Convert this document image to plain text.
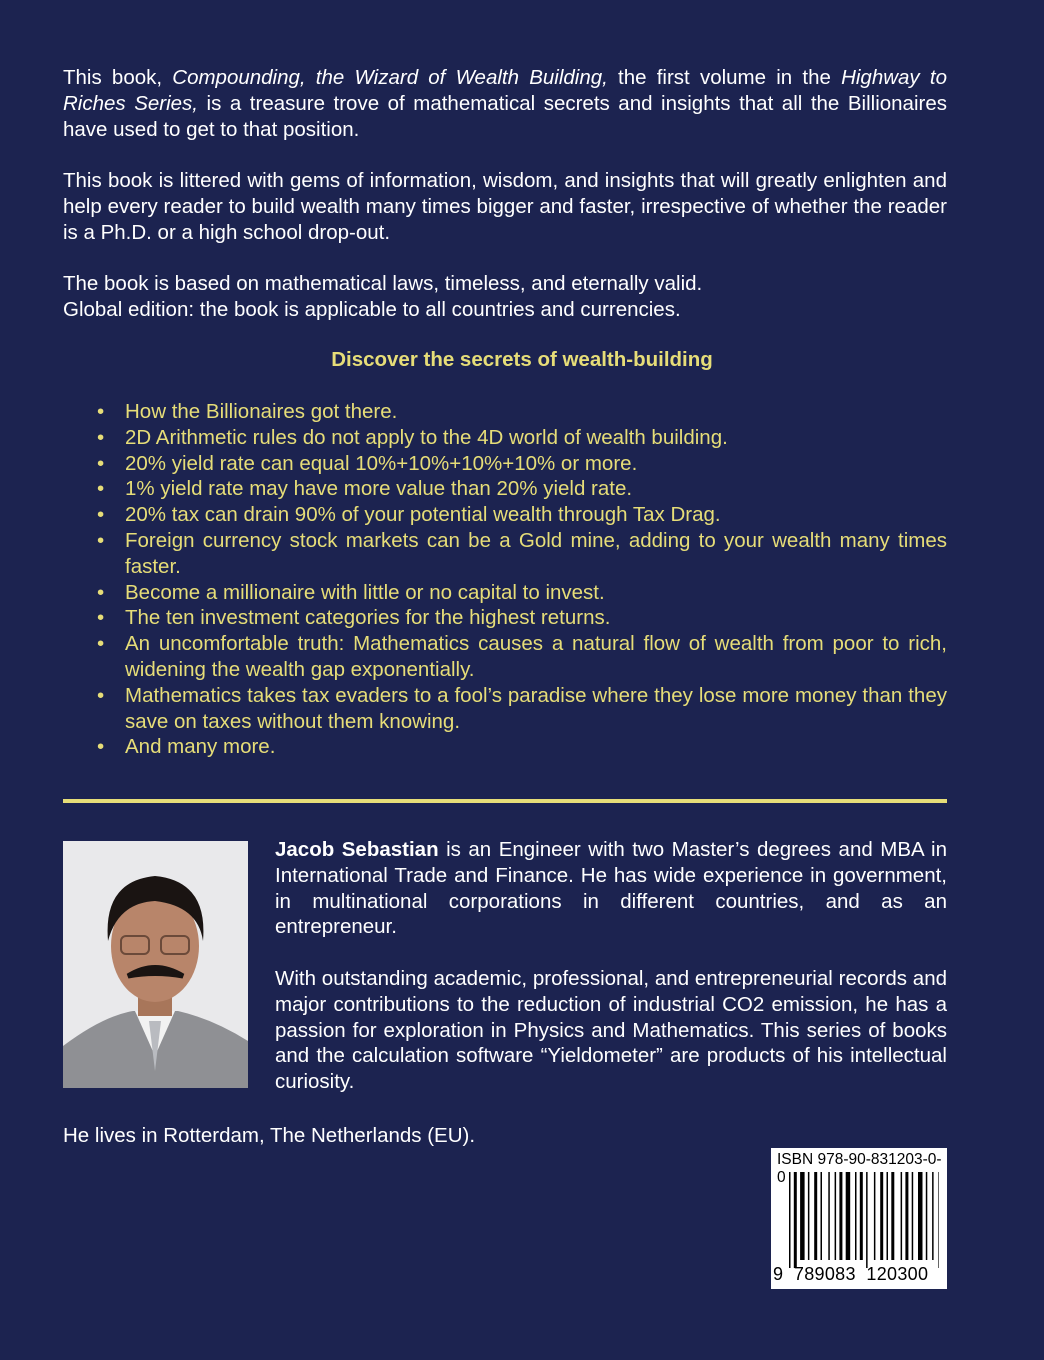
This book, Compounding, the Wizard of Wealth Building, the first volume in the Highway to Riches Series, is a treasure trove of mathematical secrets and insights that all the Billionaires have used to get to that position.

This book is littered with gems of information, wisdom, and insights that will greatly enlighten and help every reader to build wealth many times bigger and faster, irrespective of whether the reader is a Ph.D. or a high school drop-out.

The book is based on mathematical laws, timeless, and eternally valid.
Global edition: the book is applicable to all countries and currencies.

Discover the secrets of wealth-building
• How the Billionaires got there.
• 2D Arithmetic rules do not apply to the 4D world of wealth building.
• 20% yield rate can equal 10%+10%+10%+10% or more.
• 1% yield rate may have more value than 20% yield rate.
• 20% tax can drain 90% of your potential wealth through Tax Drag.
• Foreign currency stock markets can be a Gold mine, adding to your wealth many times faster.
• Become a millionaire with little or no capital to invest.
• The ten investment categories for the highest returns.
• An uncomfortable truth: Mathematics causes a natural flow of wealth from poor to rich, widening the wealth gap exponentially.
• Mathematics takes tax evaders to a fool’s paradise where they lose more money than they save on taxes without them knowing.
• And many more.

Jacob Sebastian is an Engineer with two Master’s degrees and MBA in International Trade and Finance. He has wide experience in government, in multinational corporations in different countries, and as an entrepreneur.

With outstanding academic, professional, and entrepreneurial records and major contributions to the reduction of industrial CO2 emission, he has a passion for exploration in Physics and Mathematics. This series of books and the calculation software “Yieldometer” are products of his intellectual curiosity.

He lives in Rotterdam, The Netherlands (EU).

ISBN 978-90-831203-0-0
9 789083 120300
